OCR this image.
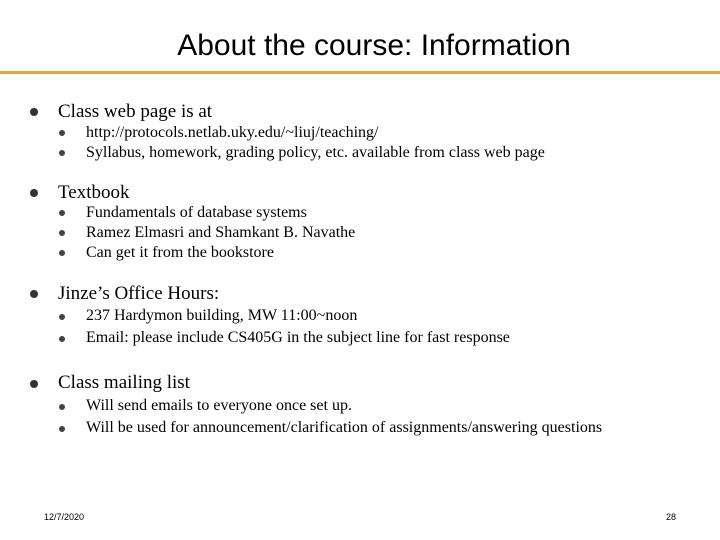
About the course: Information
Class web page is at
http://protocols.netlab.uky.edu/~liuj/teaching/
Syllabus, homework, grading policy, etc. available from class web page
Textbook
Fundamentals of database systems
Ramez Elmasri and Shamkant B. Navathe
Can get it from the bookstore
Jinze’s Office Hours:
237 Hardymon building, MW 11:00~noon
Email: please include CS405G in the subject line for fast response
Class mailing list
Will send emails to everyone once set up.
Will be used for announcement/clarification of assignments/answering questions
12/7/2020	28
